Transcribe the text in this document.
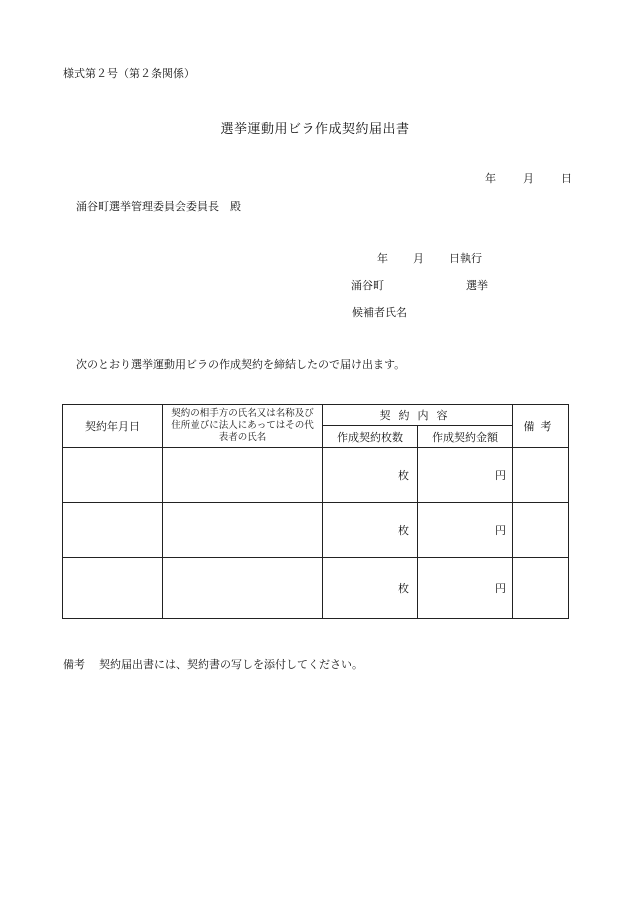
様式第２号（第２条関係）
選挙運動用ビラ作成契約届出書
年 月 日
涌谷町選挙管理委員会委員長　殿
年 月 日執行
涌谷町	選挙
候補者氏名
次のとおり選挙運動用ビラの作成契約を締結したので届け出ます。
契約年月日	契約の相手方の氏名又は名称及び住所並びに法人にあってはその代表者の氏名	契約内容		備考
		作成契約枚数	作成契約金額	
		枚	円	
		枚	円	
		枚	円	
備考 契約届出書には、契約書の写しを添付してください。
